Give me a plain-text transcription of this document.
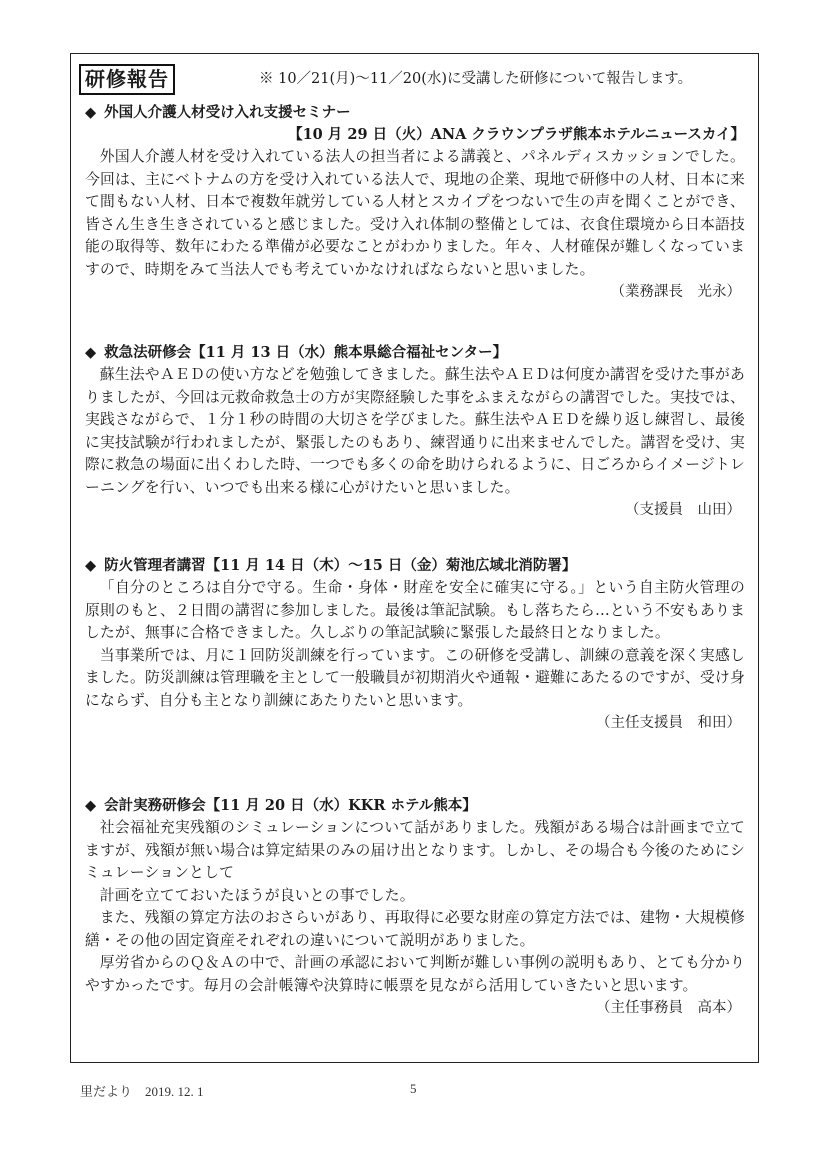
研修報告	※ 10／21(月)～11／20(水)に受講した研修について報告します。
◆ 外国人介護人材受け入れ支援セミナー
【10 月 29 日（火）ANA クラウンプラザ熊本ホテルニュースカイ】

外国人介護人材を受け入れている法人の担当者による講義と、パネルディスカッションでした。今回は、主にベトナムの方を受け入れている法人で、現地の企業、現地で研修中の人材、日本に来て間もない人材、日本で複数年就労している人材とスカイプをつないで生の声を聞くことができ、皆さん生き生きされていると感じました。受け入れ体制の整備としては、衣食住環境から日本語技能の取得等、数年にわたる準備が必要なことがわかりました。年々、人材確保が難しくなっていますので、時期をみて当法人でも考えていかなければならないと思いました。

（業務課長　光永）
◆ 救急法研修会【11 月 13 日（水）熊本県総合福祉センター】

蘇生法やＡＥＤの使い方などを勉強してきました。蘇生法やＡＥＤは何度か講習を受けた事がありましたが、今回は元救命救急士の方が実際経験した事をふまえながらの講習でした。実技では、実践さながらで、１分１秒の時間の大切さを学びました。蘇生法やＡＥＤを繰り返し練習し、最後に実技試験が行われましたが、緊張したのもあり、練習通りに出来ませんでした。講習を受け、実際に救急の場面に出くわした時、一つでも多くの命を助けられるように、日ごろからイメージトレーニングを行い、いつでも出来る様に心がけたいと思いました。

（支援員　山田）
◆ 防火管理者講習【11 月 14 日（木）～15 日（金）菊池広域北消防署】

「自分のところは自分で守る。生命・身体・財産を安全に確実に守る。」という自主防火管理の原則のもと、２日間の講習に参加しました。最後は筆記試験。もし落ちたら…という不安もありましたが、無事に合格できました。久しぶりの筆記試験に緊張した最終日となりました。

当事業所では、月に１回防災訓練を行っています。この研修を受講し、訓練の意義を深く実感しました。防災訓練は管理職を主として一般職員が初期消火や通報・避難にあたるのですが、受け身にならず、自分も主となり訓練にあたりたいと思います。

（主任支援員　和田）
◆ 会計実務研修会【11 月 20 日（水）KKR ホテル熊本】

社会福祉充実残額のシミュレーションについて話がありました。残額がある場合は計画まで立てますが、残額が無い場合は算定結果のみの届け出となります。しかし、その場合も今後のためにシミュレーションとして

計画を立てておいたほうが良いとの事でした。

また、残額の算定方法のおさらいがあり、再取得に必要な財産の算定方法では、建物・大規模修繕・その他の固定資産それぞれの違いについて説明がありました。

厚労省からのＱ＆Ａの中で、計画の承認において判断が難しい事例の説明もあり、とても分かりやすかったです。毎月の会計帳簿や決算時に帳票を見ながら活用していきたいと思います。

（主任事務員　高本）
里だより　2019. 12. 1	5
